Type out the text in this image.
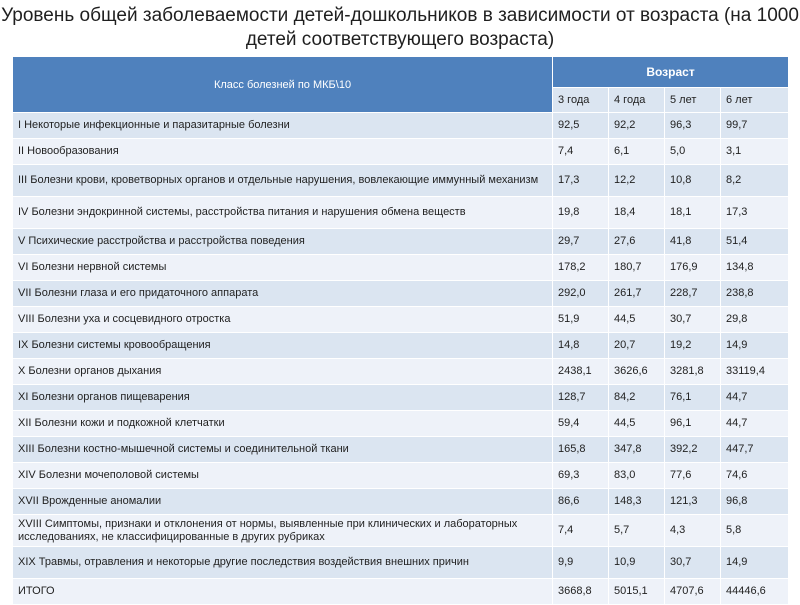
Уровень общей заболеваемости детей-дошкольников в зависимости от возраста (на 1000 детей соответствующего возраста)
Класс болезней по МКБ\10	Возраст			
	3 года	4 года	5 лет	6 лет
I Некоторые инфекционные и паразитарные болезни	92,5	92,2	96,3	99,7
II Новообразования	7,4	6,1	5,0	3,1
III Болезни крови, кроветворных органов и отдельные нарушения, вовлекающие иммунный механизм	17,3	12,2	10,8	8,2
IV Болезни эндокринной системы, расстройства питания и нарушения обмена веществ	19,8	18,4	18,1	17,3
V Психические расстройства и расстройства поведения	29,7	27,6	41,8	51,4
VI Болезни нервной системы	178,2	180,7	176,9	134,8
VII Болезни глаза и его придаточного аппарата	292,0	261,7	228,7	238,8
VIII Болезни уха и сосцевидного отростка	51,9	44,5	30,7	29,8
IX Болезни системы кровообращения	14,8	20,7	19,2	14,9
X Болезни органов дыхания	2438,1	3626,6	3281,8	33119,4
XI Болезни органов пищеварения	128,7	84,2	76,1	44,7
XII Болезни кожи и подкожной клетчатки	59,4	44,5	96,1	44,7
XIII Болезни костно-мышечной системы и соединительной ткани	165,8	347,8	392,2	447,7
XIV Болезни мочеполовой системы	69,3	83,0	77,6	74,6
XVII Врожденные аномалии	86,6	148,3	121,3	96,8
XVIII Симптомы, признаки и отклонения от нормы, выявленные при клинических и лабораторных исследованиях, не классифицированные в других рубриках	7,4	5,7	4,3	5,8
XIX Травмы, отравления и некоторые другие последствия воздействия внешних причин	9,9	10,9	30,7	14,9
ИТОГО	3668,8	5015,1	4707,6	44446,6
